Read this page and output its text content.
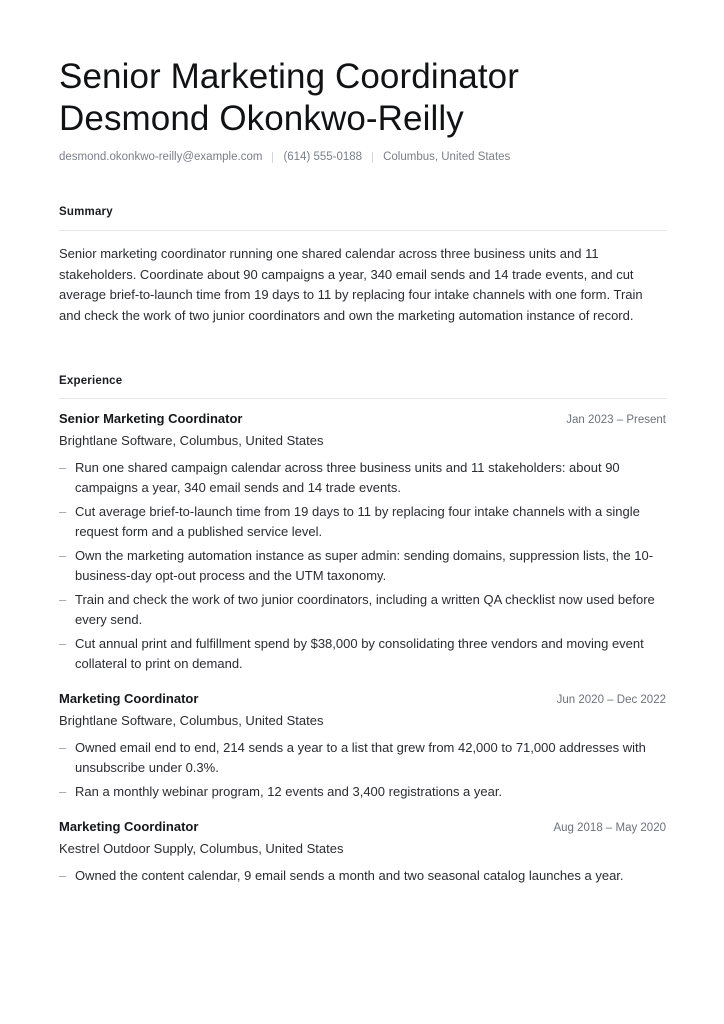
Senior Marketing Coordinator
Desmond Okonkwo-Reilly
desmond.okonkwo-reilly@example.com (614) 555-0188 Columbus, United States
Summary
Senior marketing coordinator running one shared calendar across three business units and 11 stakeholders. Coordinate about 90 campaigns a year, 340 email sends and 14 trade events, and cut average brief-to-launch time from 19 days to 11 by replacing four intake channels with one form. Train and check the work of two junior coordinators and own the marketing automation instance of record.
Experience
Senior Marketing Coordinator	Jan 2023 – Present
Brightlane Software, Columbus, United States
– Run one shared campaign calendar across three business units and 11 stakeholders: about 90 campaigns a year, 340 email sends and 14 trade events.
– Cut average brief-to-launch time from 19 days to 11 by replacing four intake channels with a single request form and a published service level.
– Own the marketing automation instance as super admin: sending domains, suppression lists, the 10-business-day opt-out process and the UTM taxonomy.
– Train and check the work of two junior coordinators, including a written QA checklist now used before every send.
– Cut annual print and fulfillment spend by $38,000 by consolidating three vendors and moving event collateral to print on demand.
Marketing Coordinator	Jun 2020 – Dec 2022
Brightlane Software, Columbus, United States
– Owned email end to end, 214 sends a year to a list that grew from 42,000 to 71,000 addresses with unsubscribe under 0.3%.
– Ran a monthly webinar program, 12 events and 3,400 registrations a year.
Marketing Coordinator	Aug 2018 – May 2020
Kestrel Outdoor Supply, Columbus, United States
– Owned the content calendar, 9 email sends a month and two seasonal catalog launches a year.
